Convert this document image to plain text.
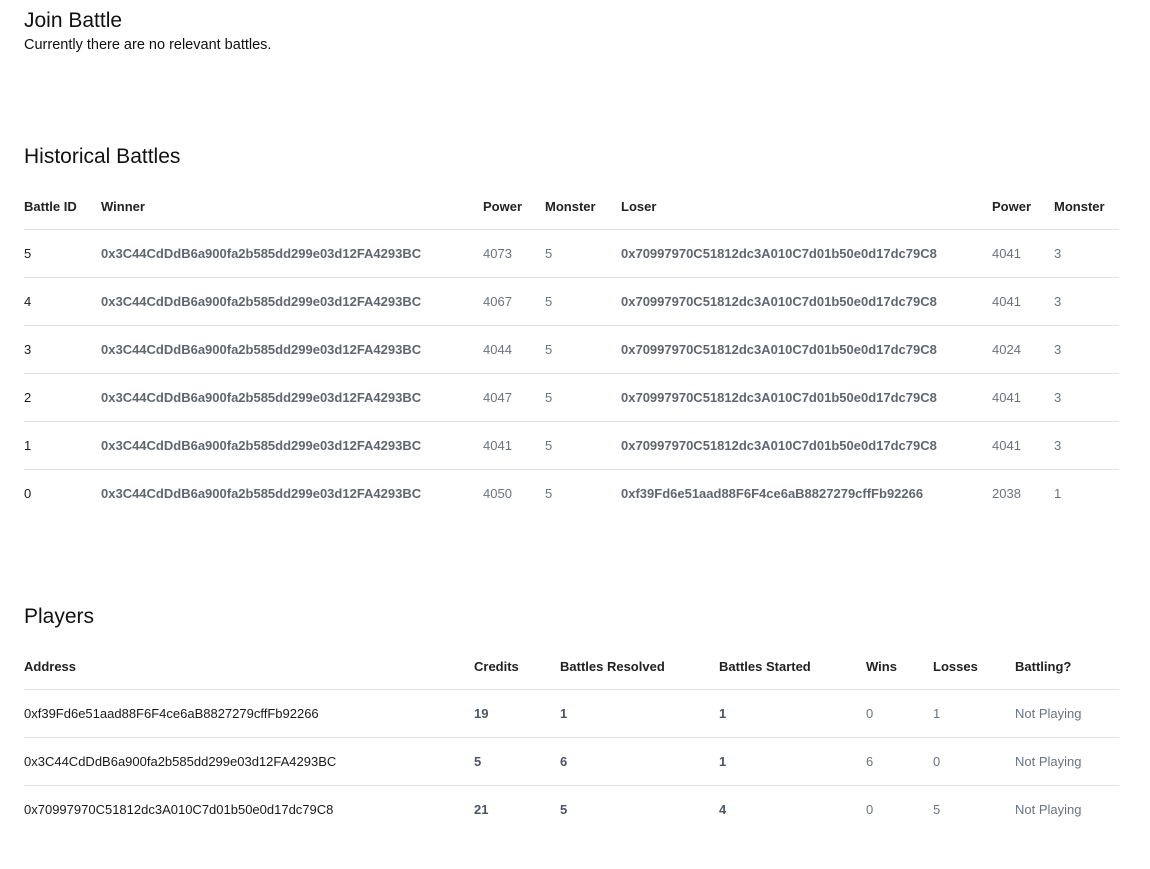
Join Battle
Currently there are no relevant battles.
Historical Battles
Battle ID	Winner	Power	Monster	Loser	Power	Monster
5	0x3C44CdDdB6a900fa2b585dd299e03d12FA4293BC	4073	5	0x70997970C51812dc3A010C7d01b50e0d17dc79C8	4041	3
4	0x3C44CdDdB6a900fa2b585dd299e03d12FA4293BC	4067	5	0x70997970C51812dc3A010C7d01b50e0d17dc79C8	4041	3
3	0x3C44CdDdB6a900fa2b585dd299e03d12FA4293BC	4044	5	0x70997970C51812dc3A010C7d01b50e0d17dc79C8	4024	3
2	0x3C44CdDdB6a900fa2b585dd299e03d12FA4293BC	4047	5	0x70997970C51812dc3A010C7d01b50e0d17dc79C8	4041	3
1	0x3C44CdDdB6a900fa2b585dd299e03d12FA4293BC	4041	5	0x70997970C51812dc3A010C7d01b50e0d17dc79C8	4041	3
0	0x3C44CdDdB6a900fa2b585dd299e03d12FA4293BC	4050	5	0xf39Fd6e51aad88F6F4ce6aB8827279cffFb92266	2038	1
Players
Address	Credits	Battles Resolved	Battles Started	Wins	Losses	Battling?
0xf39Fd6e51aad88F6F4ce6aB8827279cffFb92266	19	1	1	0	1	Not Playing
0x3C44CdDdB6a900fa2b585dd299e03d12FA4293BC	5	6	1	6	0	Not Playing
0x70997970C51812dc3A010C7d01b50e0d17dc79C8	21	5	4	0	5	Not Playing
